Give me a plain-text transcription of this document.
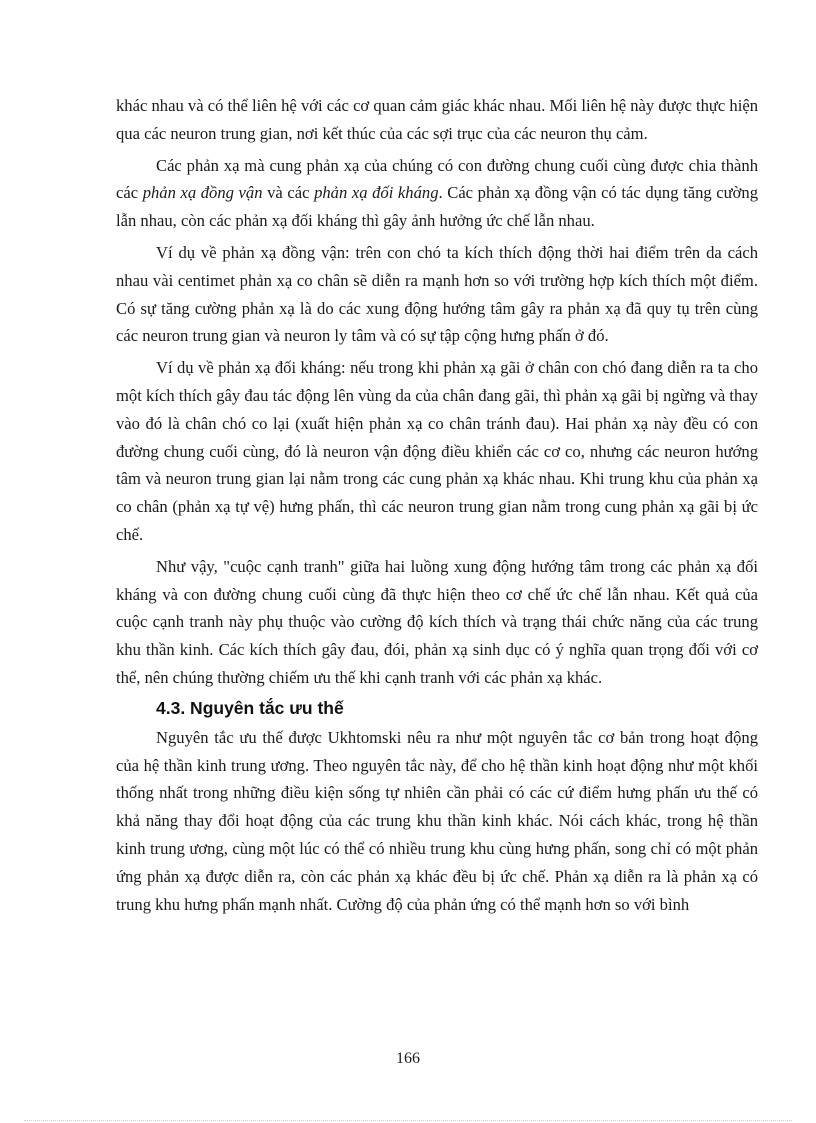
khác nhau và có thể liên hệ với các cơ quan cảm giác khác nhau. Mối liên hệ này được thực hiện qua các neuron trung gian, nơi kết thúc của các sợi trục của các neuron thụ cảm.

Các phản xạ mà cung phản xạ của chúng có con đường chung cuối cùng được chia thành các phản xạ đồng vận và các phản xạ đối kháng. Các phản xạ đồng vận có tác dụng tăng cường lẫn nhau, còn các phản xạ đối kháng thì gây ảnh hưởng ức chế lẫn nhau.

Ví dụ về phản xạ đồng vận: trên con chó ta kích thích động thời hai điểm trên da cách nhau vài centimet phản xạ co chân sẽ diễn ra mạnh hơn so với trường hợp kích thích một điểm. Có sự tăng cường phản xạ là do các xung động hướng tâm gây ra phản xạ đã quy tụ trên cùng các neuron trung gian và neuron ly tâm và có sự tập cộng hưng phấn ở đó.

Ví dụ về phản xạ đối kháng: nếu trong khi phản xạ gãi ở chân con chó đang diễn ra ta cho một kích thích gây đau tác động lên vùng da của chân đang gãi, thì phản xạ gãi bị ngừng và thay vào đó là chân chó co lại (xuất hiện phản xạ co chân tránh đau). Hai phản xạ này đều có con đường chung cuối cùng, đó là neuron vận động điều khiển các cơ co, nhưng các neuron hướng tâm và neuron trung gian lại nằm trong các cung phản xạ khác nhau. Khi trung khu của phản xạ co chân (phản xạ tự vệ) hưng phấn, thì các neuron trung gian nằm trong cung phản xạ gãi bị ức chế.

Như vậy, "cuộc cạnh tranh" giữa hai luồng xung động hướng tâm trong các phản xạ đối kháng và con đường chung cuối cùng đã thực hiện theo cơ chế ức chế lẫn nhau. Kết quả của cuộc cạnh tranh này phụ thuộc vào cường độ kích thích và trạng thái chức năng của các trung khu thần kinh. Các kích thích gây đau, đói, phản xạ sinh dục có ý nghĩa quan trọng đối với cơ thể, nên chúng thường chiếm ưu thế khi cạnh tranh với các phản xạ khác.

4.3. Nguyên tắc ưu thế

Nguyên tắc ưu thế được Ukhtomski nêu ra như một nguyên tắc cơ bản trong hoạt động của hệ thần kinh trung ương. Theo nguyên tắc này, để cho hệ thần kinh hoạt động như một khối thống nhất trong những điều kiện sống tự nhiên cần phải có các cứ điểm hưng phấn ưu thế có khả năng thay đổi hoạt động của các trung khu thần kinh khác. Nói cách khác, trong hệ thần kinh trung ương, cùng một lúc có thể có nhiều trung khu cùng hưng phấn, song chỉ có một phản ứng phản xạ được diễn ra, còn các phản xạ khác đều bị ức chế. Phản xạ diễn ra là phản xạ có trung khu hưng phấn mạnh nhất. Cường độ của phản ứng có thể mạnh hơn so với bình

166
